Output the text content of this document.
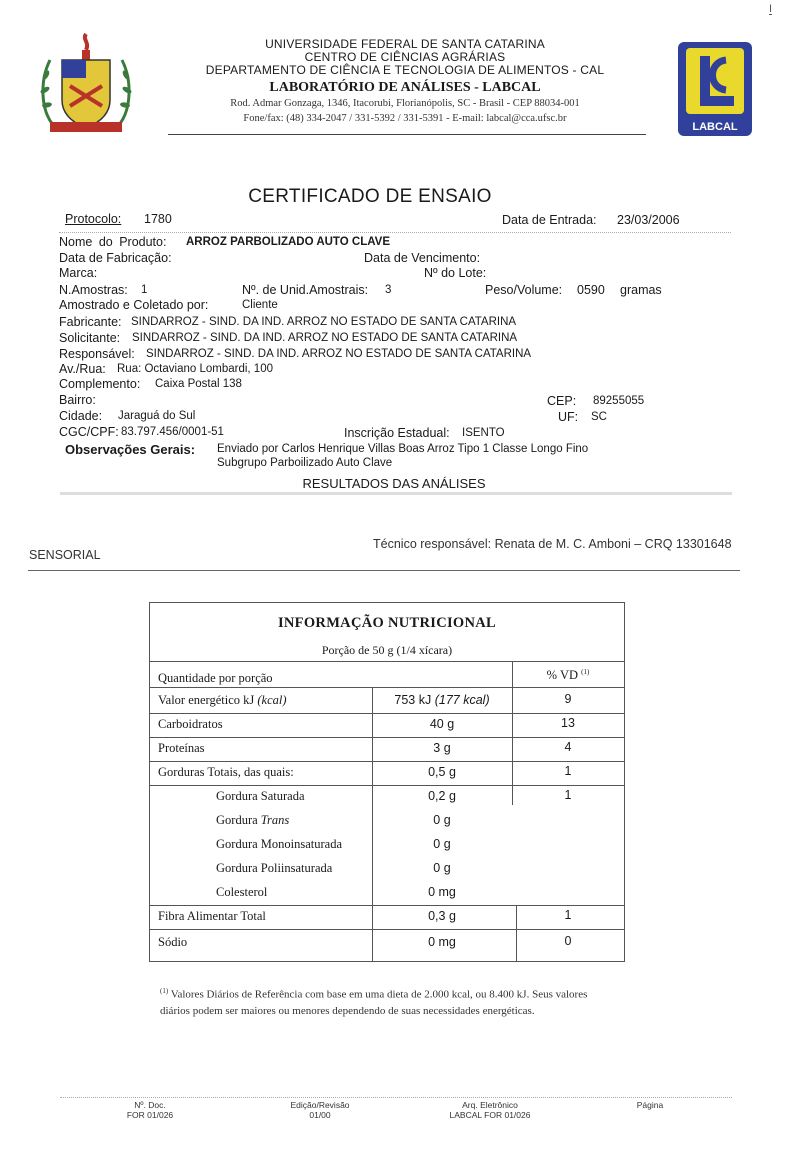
I
UNIVERSIDADE FEDERAL DE SANTA CATARINA
CENTRO DE CIÊNCIAS AGRÁRIAS
DEPARTAMENTO DE CIÊNCIA E TECNOLOGIA DE ALIMENTOS - CAL
LABORATÓRIO DE ANÁLISES - LABCAL
Rod. Admar Gonzaga, 1346, Itacorubi, Florianópolis, SC - Brasil - CEP 88034-001
Fone/fax: (48) 334-2047 / 331-5392 / 331-5391 - E-mail: labcal@cca.ufsc.br
LABCAL
CERTIFICADO DE ENSAIO
Protocolo: 1780	Data de Entrada: 23/03/2006
Nome do Produto: ARROZ PARBOLIZADO AUTO CLAVE
Data de Fabricação:	Data de Vencimento:
Marca:	Nº do Lote:
N.Amostras: 1	Nº. de Unid.Amostrais: 3	Peso/Volume: 0590 gramas
Amostrado e Coletado por:	Cliente
Fabricante: SINDARROZ - SIND. DA IND. ARROZ NO ESTADO DE SANTA CATARINA
Solicitante: SINDARROZ - SIND. DA IND. ARROZ NO ESTADO DE SANTA CATARINA
Responsável: SINDARROZ - SIND. DA IND. ARROZ NO ESTADO DE SANTA CATARINA
Av./Rua: Rua: Octaviano Lombardi, 100
Complemento: Caixa Postal 138
Bairro:	CEP: 89255055
Cidade: Jaraguá do Sul	UF: SC
CGC/CPF: 83.797.456/0001-51	Inscrição Estadual: ISENTO
Observações Gerais: Enviado por Carlos Henrique Villas Boas Arroz Tipo 1 Classe Longo Fino
Subgrupo Parboilizado Auto Clave
RESULTADOS DAS ANÁLISES
SENSORIAL
Técnico responsável: Renata de M. C. Amboni – CRQ 13301648
INFORMAÇÃO NUTRICIONAL
Porção de 50 g (1/4 xícara)
Quantidade por porção	% VD $^{(1)}$
Valor energético kJ (kcal)	753 kJ (177 kcal)	9
Carboidratos	40 g	13
Proteínas	3 g	4
Gorduras Totais, das quais:	0,5 g	1
Gordura Saturada	0,2 g	1
Gordura Trans	0 g
Gordura Monoinsaturada	0 g
Gordura Poliinsaturada	0 g
Colesterol	0 mg
Fibra Alimentar Total	0,3 g	1
Sódio	0 mg	0
$^{(1)}$ Valores Diários de Referência com base em uma dieta de 2.000 kcal, ou 8.400 kJ. Seus valores diários podem ser maiores ou menores dependendo de suas necessidades energéticas.
Nº. Doc.
FOR 01/026
Edição/Revisão
01/00
Arq. Eletrônico
LABCAL FOR 01/026
Página
